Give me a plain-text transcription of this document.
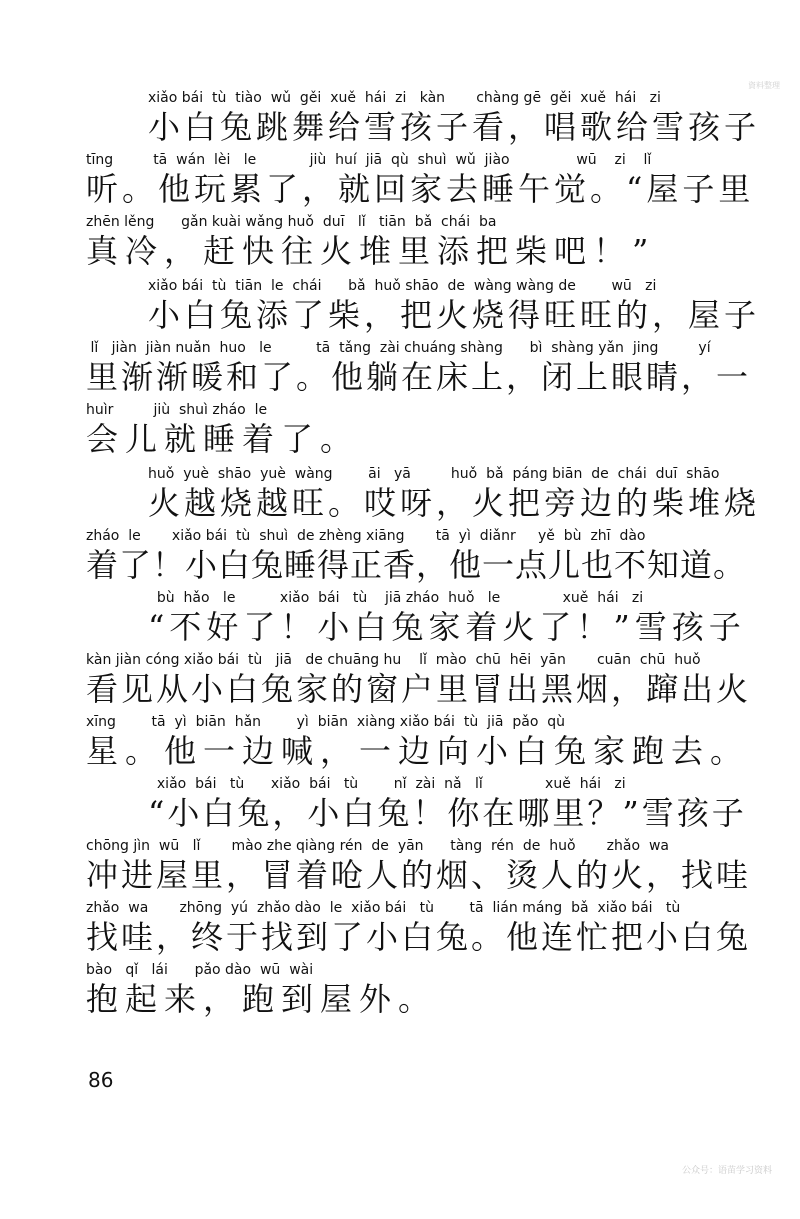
資料整理
xiǎo bái  tù  tiào  wǔ  gěi  xuě  hái  zi   kàn       chàng gē  gěi  xuě  hái   zi
小白兔跳舞给雪孩子看，唱歌给雪孩子
tīng         tā  wán  lèi   le            jiù  huí  jiā  qù  shuì  wǔ  jiào               wū    zi    lǐ
听。他玩累了，就回家去睡午觉。“屋子里
zhēn lěng      gǎn kuài wǎng huǒ  duī   lǐ   tiān  bǎ  chái  ba
真冷，赶快往火堆里添把柴吧！”
xiǎo bái  tù  tiān  le  chái      bǎ  huǒ shāo  de  wàng wàng de        wū   zi
小白兔添了柴，把火烧得旺旺的，屋子
lǐ   jiàn  jiàn nuǎn  huo   le          tā  tǎng  zài chuáng shàng      bì  shàng yǎn  jing         yí
里渐渐暖和了。他躺在床上，闭上眼睛，一
huìr         jiù  shuì zháo  le
会儿就睡着了。
huǒ  yuè  shāo  yuè  wàng        āi   yā         huǒ  bǎ  páng biān  de  chái  duī  shāo
火越烧越旺。哎呀，火把旁边的柴堆烧
zháo  le       xiǎo bái  tù  shuì  de zhèng xiāng       tā  yì  diǎnr     yě  bù  zhī  dào
着了！小白兔睡得正香，他一点儿也不知道。
bù  hǎo   le          xiǎo  bái   tù    jiā zháo  huǒ   le              xuě  hái   zi
“不好了！小白兔家着火了！”雪孩子
kàn jiàn cóng xiǎo bái  tù   jiā   de chuāng hu    lǐ  mào  chū  hēi  yān       cuān  chū  huǒ
看见从小白兔家的窗户里冒出黑烟，蹿出火
xīng        tā  yì  biān  hǎn        yì  biān  xiàng xiǎo bái  tù  jiā  pǎo  qù
星。他一边喊，一边向小白兔家跑去。
xiǎo  bái   tù      xiǎo  bái   tù        nǐ  zài  nǎ   lǐ              xuě  hái   zi
“小白兔，小白兔！你在哪里？”雪孩子
chōng jìn  wū   lǐ       mào zhe qiàng rén  de  yān      tàng  rén  de  huǒ       zhǎo  wa
冲进屋里，冒着呛人的烟、烫人的火，找哇
zhǎo  wa       zhōng  yú  zhǎo dào  le  xiǎo bái   tù        tā  lián máng  bǎ  xiǎo bái   tù
找哇，终于找到了小白兔。他连忙把小白兔
bào   qǐ   lái      pǎo dào  wū  wài
抱起来，跑到屋外。
86
公众号：语苗学习资料
